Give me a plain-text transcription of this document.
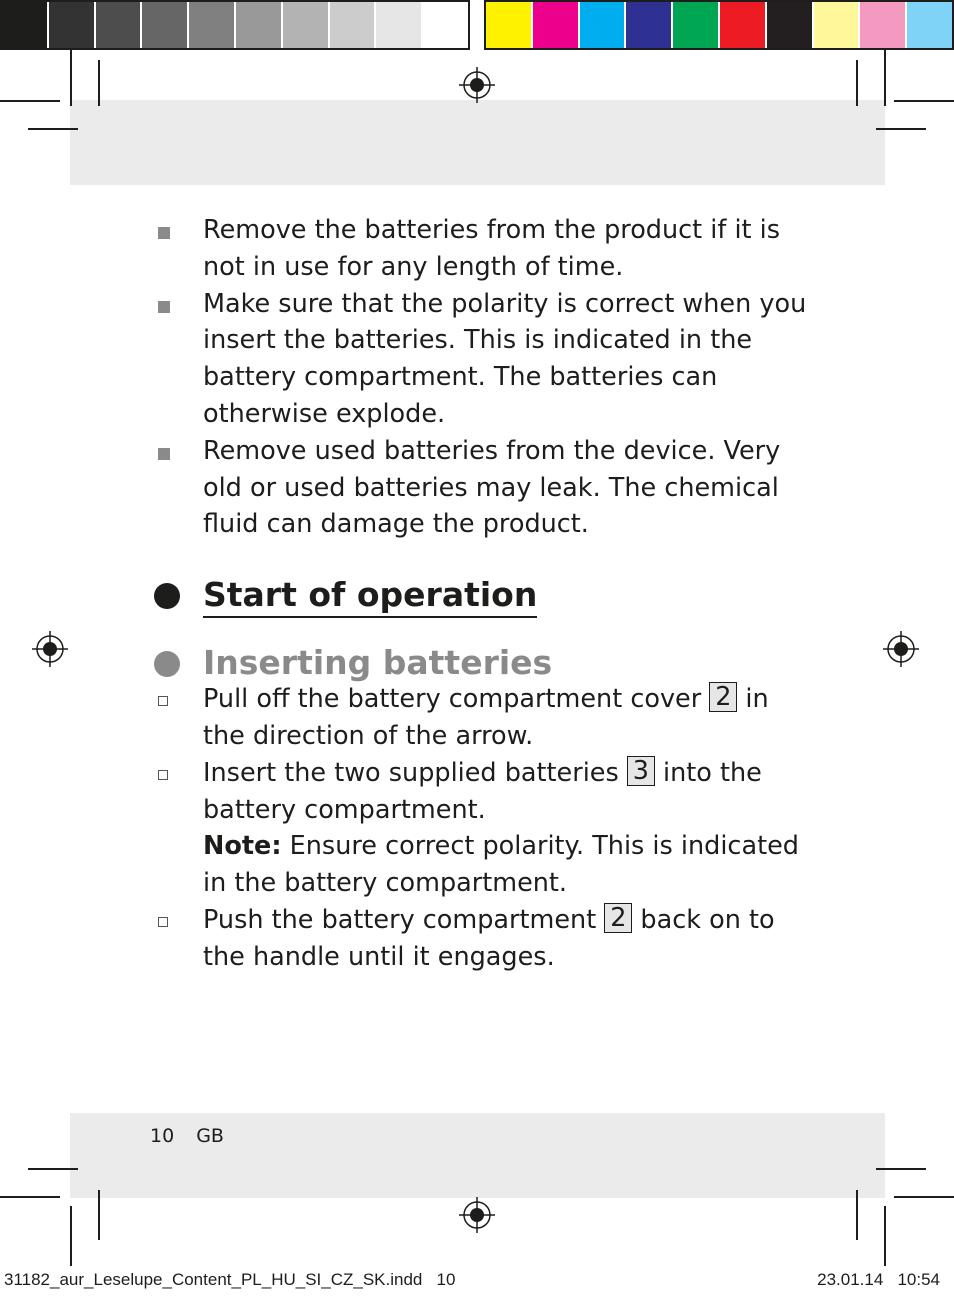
Remove the batteries from the product if it is not in use for any length of time.
Make sure that the polarity is correct when you insert the batteries. This is indicated in the battery compartment. The batteries can otherwise explode.
Remove used batteries from the device. Very old or used batteries may leak. The chemical fluid can damage the product.
Start of operation
Inserting batteries
Pull off the battery compartment cover 2 in the direction of the arrow.
Insert the two supplied batteries 3 into the battery compartment.
Note: Ensure correct polarity. This is indicated in the battery compartment.
Push the battery compartment 2 back on to the handle until it engages.
10 GB
31182_aur_Leselupe_Content_PL_HU_SI_CZ_SK.indd   10	23.01.14   10:54
